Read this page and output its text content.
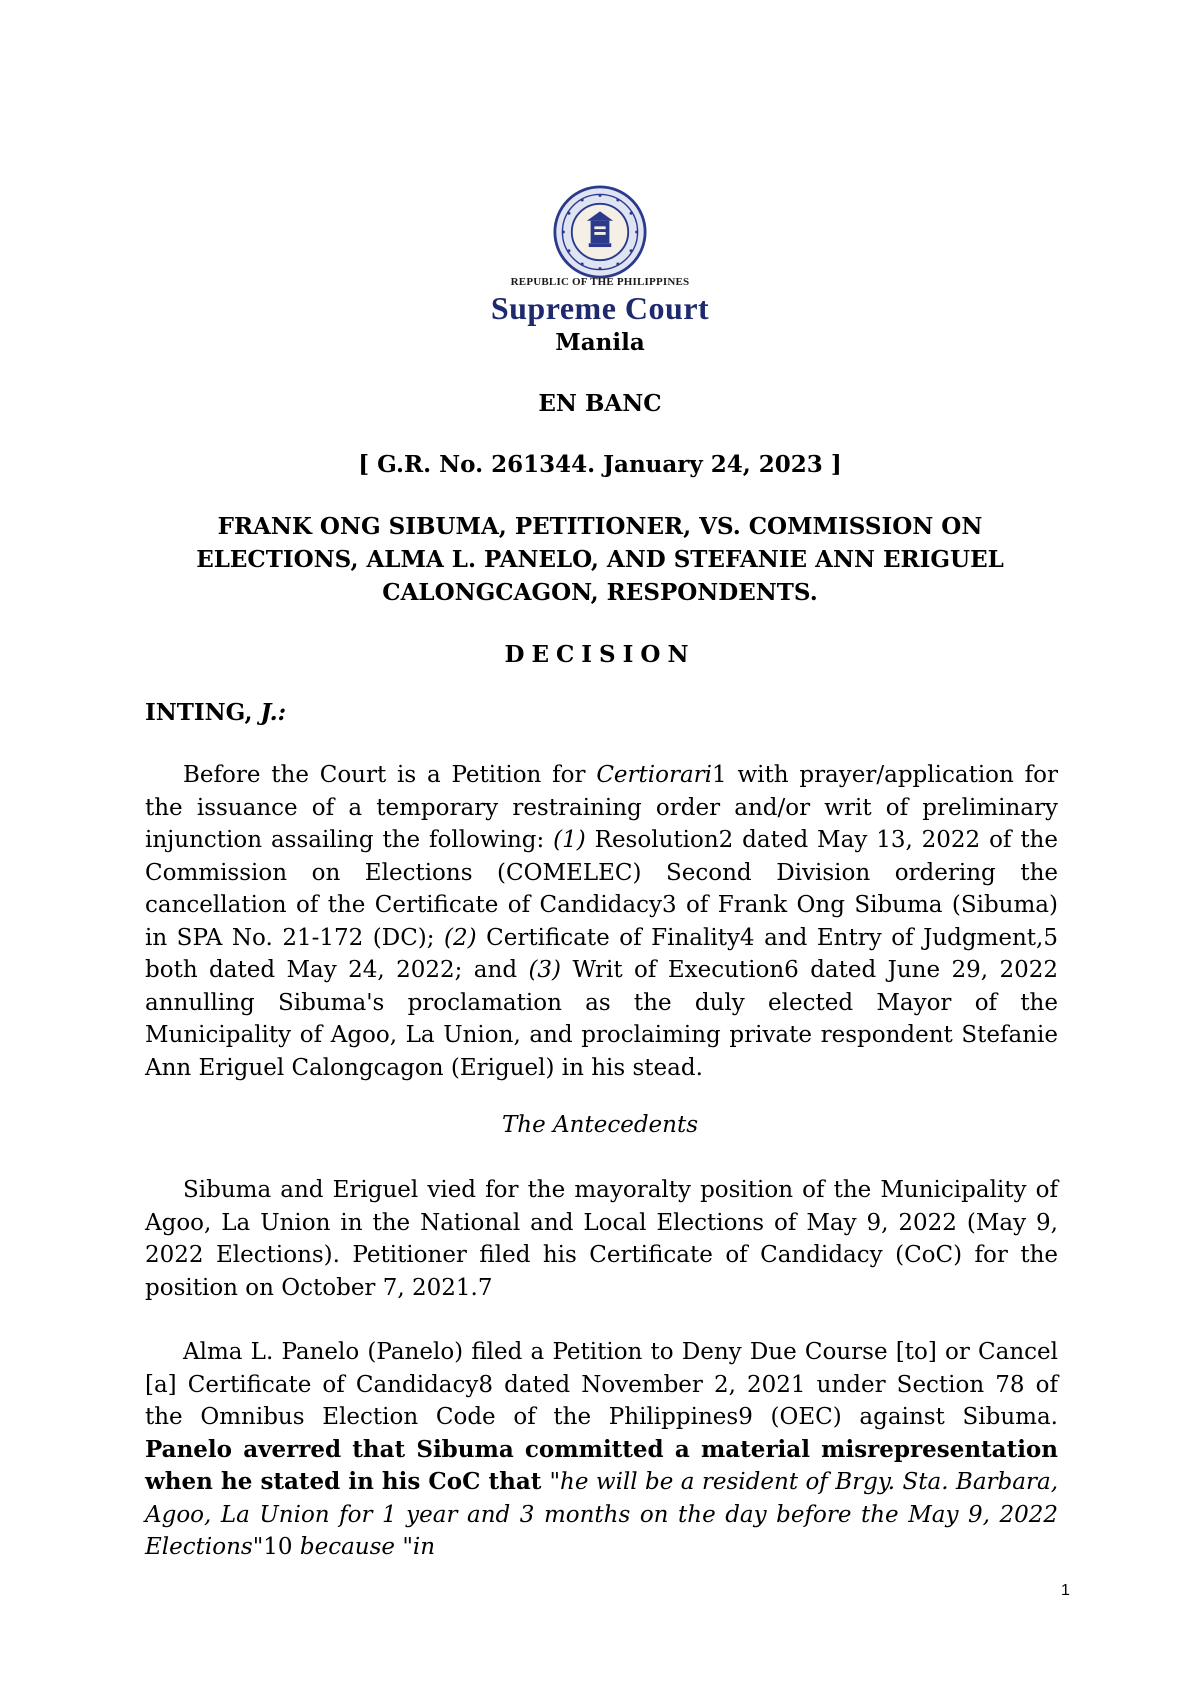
REPUBLIC OF THE PHILIPPINES
Supreme Court
Manila
EN BANC
[ G.R. No. 261344. January 24, 2023 ]
FRANK ONG SIBUMA, PETITIONER, VS. COMMISSION ON ELECTIONS, ALMA L. PANELO, AND STEFANIE ANN ERIGUEL CALONGCAGON, RESPONDENTS.
DECISION
INTING, J.:

Before the Court is a Petition for Certiorari1 with prayer/application for the issuance of a temporary restraining order and/or writ of preliminary injunction assailing the following: (1) Resolution2 dated May 13, 2022 of the Commission on Elections (COMELEC) Second Division ordering the cancellation of the Certificate of Candidacy3 of Frank Ong Sibuma (Sibuma) in SPA No. 21-172 (DC); (2) Certificate of Finality4 and Entry of Judgment,5 both dated May 24, 2022; and (3) Writ of Execution6 dated June 29, 2022 annulling Sibuma's proclamation as the duly elected Mayor of the Municipality of Agoo, La Union, and proclaiming private respondent Stefanie Ann Eriguel Calongcagon (Eriguel) in his stead.

The Antecedents

Sibuma and Eriguel vied for the mayoralty position of the Municipality of Agoo, La Union in the National and Local Elections of May 9, 2022 (May 9, 2022 Elections). Petitioner filed his Certificate of Candidacy (CoC) for the position on October 7, 2021.7

Alma L. Panelo (Panelo) filed a Petition to Deny Due Course [to] or Cancel [a] Certificate of Candidacy8 dated November 2, 2021 under Section 78 of the Omnibus Election Code of the Philippines9 (OEC) against Sibuma. Panelo averred that Sibuma committed a material misrepresentation when he stated in his CoC that "he will be a resident of Brgy. Sta. Barbara, Agoo, La Union for 1 year and 3 months on the day before the May 9, 2022 Elections"10 because "in

1
